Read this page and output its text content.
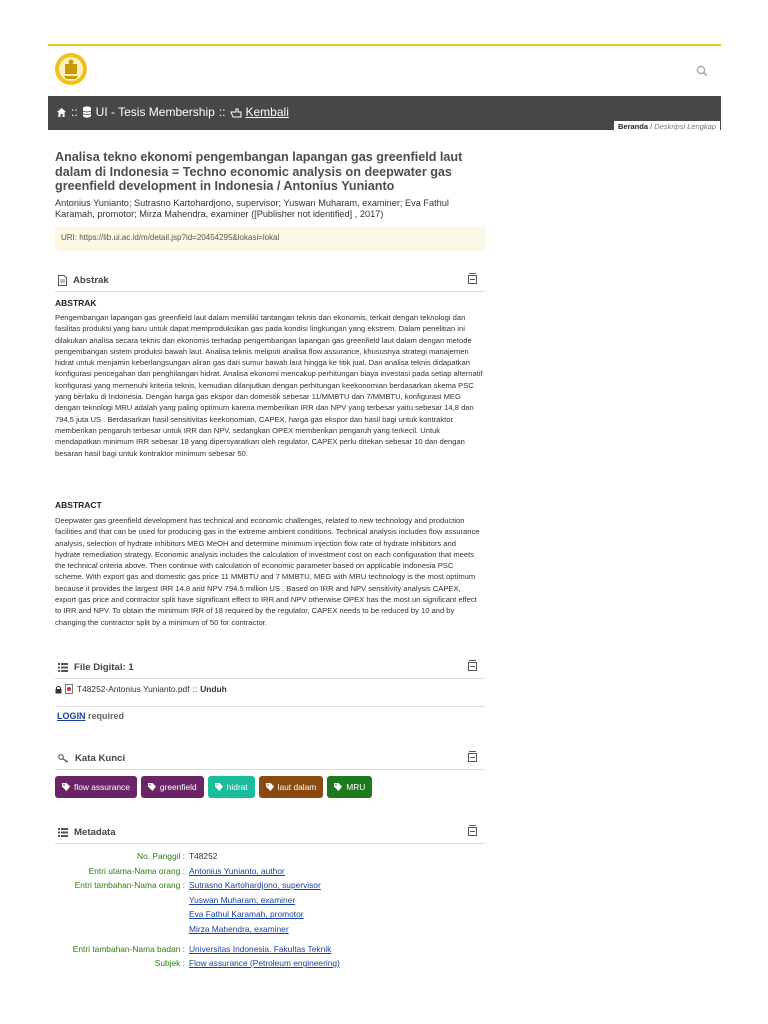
:: UI - Tesis Membership :: Kembali
Beranda / Deskripsi Lengkap
Analisa tekno ekonomi pengembangan lapangan gas greenfield laut dalam di Indonesia = Techno economic analysis on deepwater gas greenfield development in Indonesia / Antonius Yunianto
Antonius Yunianto; Sutrasno Kartohardjono, supervisor; Yuswan Muharam, examiner; Eva Fathul Karamah, promotor; Mirza Mahendra, examiner ([Publisher not identified] , 2017)
URI: https://lib.ui.ac.id/m/detail.jsp?id=20454295&lokasi=lokal
Abstrak
ABSTRAK
Pengembangan lapangan gas greenfield laut dalam memiliki tantangan teknis dan ekonomis, terkait dengan teknologi dan fasilitas produksi yang baru untuk dapat memproduksikan gas pada kondisi lingkungan yang ekstrem. Dalam penelitian ini dilakukan analisa secara teknis dan ekonomis terhadap pengembangan lapangan gas greenfield laut dalam dengan metode pengembangan sistem produksi bawah laut. Analisa teknis meliputi analisa flow assurance, khususnya strategi manajemen hidrat untuk menjamin keberlangsungan aliran gas dari sumur bawah laut hingga ke titik jual. Dari analisa teknis didapatkan konfigurasi pencegahan dan penghilangan hidrat. Analisa ekonomi mencakup perhitungan biaya investasi pada setiap alternatif konfigurasi yang memenuhi kriteria teknis, kemudian dilanjutkan dengan perhitungan keekonomian berdasarkan skema PSC yang berlaku di Indonesia. Dengan harga gas ekspor dan domestik sebesar 11/MMBTU dan 7/MMBTU, konfigurasi MEG dengan teknologi MRU adalah yang paling optimum karena memberikan IRR dan NPV yang terbesar yaitu sebesar 14,8 dan 794,5 juta US . Berdasarkan hasil sensitivitas keekonomian, CAPEX, harga gas ekspor dan hasil bagi untuk kontraktor memberikan pengaruh terbesar untuk IRR dan NPV, sedangkan OPEX memberikan pengaruh yang terkecil. Untuk mendapatkan minimum IRR sebesar 18 yang dipersyaratkan oleh regulator, CAPEX perlu ditekan sebesar 10 dan dengan besaran hasil bagi untuk kontraktor minimum sebesar 50.
ABSTRACT
Deepwater gas greenfield development has technical and economic challenges, related to new technology and production facilities and that can be used for producing gas in the extreme ambient conditions. Technical analysis includes flow assurance analysis, selection of hydrate inhibitors MEG MeOH and determine minimum injection flow rate of hydrate inhibitors and hydrate remediation strategy. Economic analysis includes the calculation of investment cost on each configuration that meets the technical criteria above. Then continue with calculation of economic parameter based on applicable Indonesia PSC scheme. With export gas and domestic gas price 11 MMBTU and 7 MMBTU, MEG with MRU technology is the most optimum because it provides the largest IRR 14.8 and NPV 794.5 million US . Based on IRR and NPV sensitivity analysis CAPEX, export gas price and contractor split have significant effect to IRR and NPV otherwise OPEX has the most un significant effect to IRR and NPV. To obtain the minimum IRR of 18 required by the regulator, CAPEX needs to be reduced by 10 and by changing the contractor split by a minimum of 50 for contractor.
File Digital: 1
T48252-Antonius Yunianto.pdf :: Unduh
LOGIN required
Kata Kunci
flow assurance	greenfield	hidrat	laut dalam	MRU
Metadata
No. Panggil : T48252
Entri utama-Nama orang : Antonius Yunianto, author
Entri tambahan-Nama orang : Sutrasno Kartohardjono, supervisor
Yuswan Muharam, examiner
Eva Fathul Karamah, promotor
Mirza Mahendra, examiner
Entri tambahan-Nama badan : Universitas Indonesia. Fakultas Teknik
Subjek : Flow assurance (Petroleum engineering)
